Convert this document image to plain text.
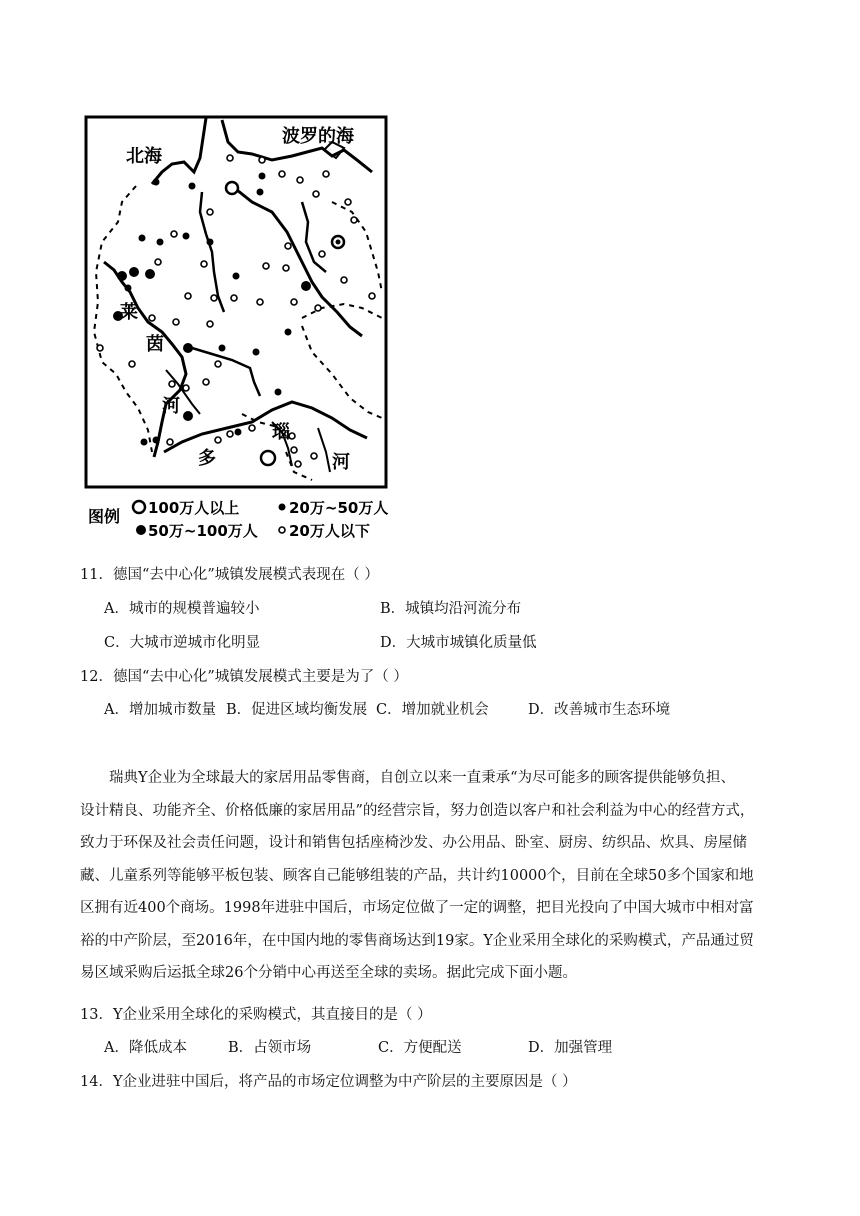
北海
波罗的海
莱
茵
河
多
瑙
河
图例 100万人以上
50万~100万人
20万~50万人
20万人以下
11．德国“去中心化”城镇发展模式表现在（ ）
A．城市的规模普遍较小	B．城镇均沿河流分布
C．大城市逆城市化明显	D．大城市城镇化质量低
12．德国“去中心化”城镇发展模式主要是为了（ ）
A．增加城市数量 B．促进区域均衡发展 C．增加就业机会	D．改善城市生态环境
瑞典Y企业为全球最大的家居用品零售商，自创立以来一直秉承“为尽可能多的顾客提供能够负担、
设计精良、功能齐全、价格低廉的家居用品”的经营宗旨，努力创造以客户和社会利益为中心的经营方式，
致力于环保及社会责任问题，设计和销售包括座椅沙发、办公用品、卧室、厨房、纺织品、炊具、房屋储
藏、儿童系列等能够平板包装、顾客自己能够组装的产品，共计约10000个，目前在全球50多个国家和地
区拥有近400个商场。1998年进驻中国后，市场定位做了一定的调整，把目光投向了中国大城市中相对富
裕的中产阶层，至2016年，在中国内地的零售商场达到19家。Y企业采用全球化的采购模式，产品通过贸
易区域采购后运抵全球26个分销中心再送至全球的卖场。据此完成下面小题。
13．Y企业采用全球化的采购模式，其直接目的是（ ）
A．降低成本	B．占领市场	C．方便配送	D．加强管理
14．Y企业进驻中国后，将产品的市场定位调整为中产阶层的主要原因是（ ）
